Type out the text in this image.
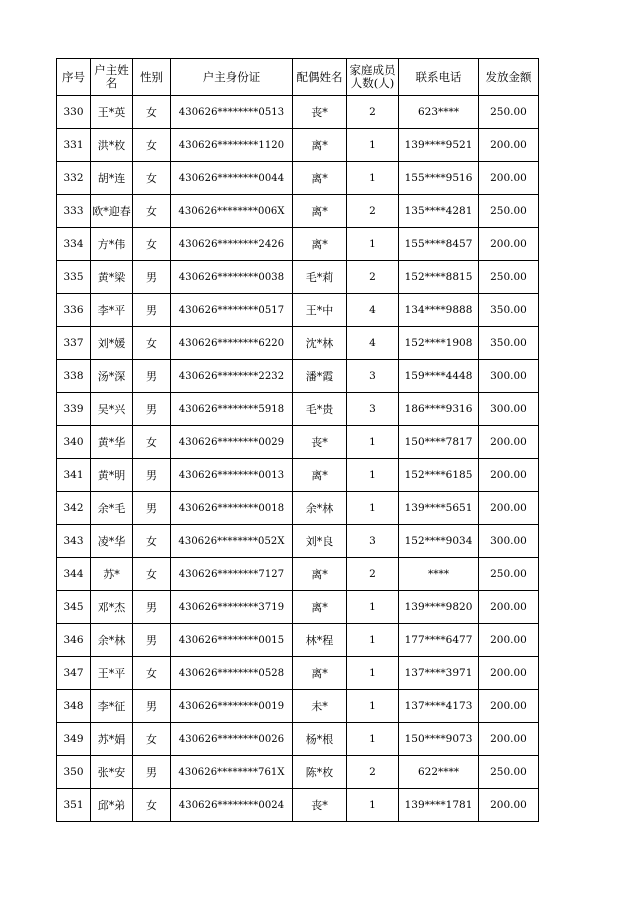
序号	户主姓名	性别	户主身份证	配偶姓名	家庭成员人数(人)	联系电话	发放金额
330	王*英	女	430626********0513	丧*	2	623****	250.00
331	洪*枚	女	430626********1120	离*	1	139****9521	200.00
332	胡*连	女	430626********0044	离*	1	155****9516	200.00
333	欧*迎春	女	430626********006X	离*	2	135****4281	250.00
334	方*伟	女	430626********2426	离*	1	155****8457	200.00
335	黄*梁	男	430626********0038	毛*莉	2	152****8815	250.00
336	李*平	男	430626********0517	王*中	4	134****9888	350.00
337	刘*媛	女	430626********6220	沈*林	4	152****1908	350.00
338	汤*深	男	430626********2232	潘*霞	3	159****4448	300.00
339	吴*兴	男	430626********5918	毛*贵	3	186****9316	300.00
340	黄*华	女	430626********0029	丧*	1	150****7817	200.00
341	黄*明	男	430626********0013	离*	1	152****6185	200.00
342	余*毛	男	430626********0018	余*林	1	139****5651	200.00
343	凌*华	女	430626********052X	刘*良	3	152****9034	300.00
344	苏*	女	430626********7127	离*	2	****	250.00
345	邓*杰	男	430626********3719	离*	1	139****9820	200.00
346	余*林	男	430626********0015	林*程	1	177****6477	200.00
347	王*平	女	430626********0528	离*	1	137****3971	200.00
348	李*征	男	430626********0019	未*	1	137****4173	200.00
349	苏*娟	女	430626********0026	杨*根	1	150****9073	200.00
350	张*安	男	430626********761X	陈*枚	2	622****	250.00
351	邱*弟	女	430626********0024	丧*	1	139****1781	200.00
